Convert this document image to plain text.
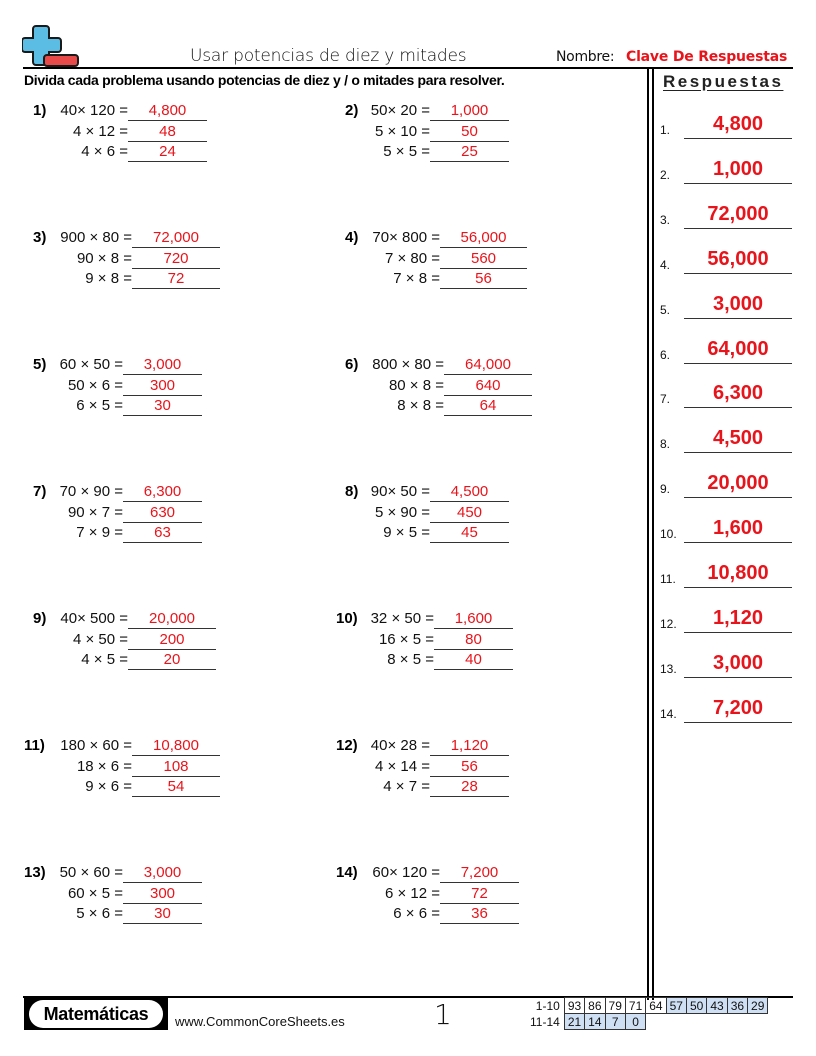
Usar potencias de diez y mitades	Nombre: Clave De Respuestas
Divida cada problema usando potencias de diez y / o mitades para resolver.	Respuestas
1.	4,800
2.	1,000
3.	72,000
4.	56,000
5.	3,000
6.	64,000
7.	6,300
8.	4,500
9.	20,000
10.	1,600
11.	10,800
12.	1,120
13.	3,000
14.	7,200
1) 40× 120 =	4,800
4 × 12 =	48
4 × 6 =	24
2) 50× 20 =	1,000
5 × 10 =	50
5 × 5 =	25
3) 900 × 80 =	72,000
90 × 8 =	720
9 × 8 =	72
4) 70× 800 =	56,000
7 × 80 =	560
7 × 8 =	56
5) 60 × 50 =	3,000
50 × 6 =	300
6 × 5 =	30
6) 800 × 80 =	64,000
80 × 8 =	640
8 × 8 =	64
7) 70 × 90 =	6,300
90 × 7 =	630
7 × 9 =	63
8) 90× 50 =	4,500
5 × 90 =	450
9 × 5 =	45
9) 40× 500 =	20,000
4 × 50 =	200
4 × 5 =	20
10) 32 × 50 =	1,600
16 × 5 =	80
8 × 5 =	40
11)	180 × 60 =	10,800
18 × 6 =	108
9 × 6 =	54
12) 40× 28 =	1,120
4 × 14 =	56
4 × 7 =	28
13) 50 × 60 =	3,000
60 × 5 =	300
5 × 6 =	30
14) 60× 120 =	7,200
6 × 12 =	72
6 × 6 =	36
Matemáticas	www.CommonCoreSheets.es	1	1-10	93	86	79	71	64	57	50	43	36	29
11-14	21	14	7	0						
